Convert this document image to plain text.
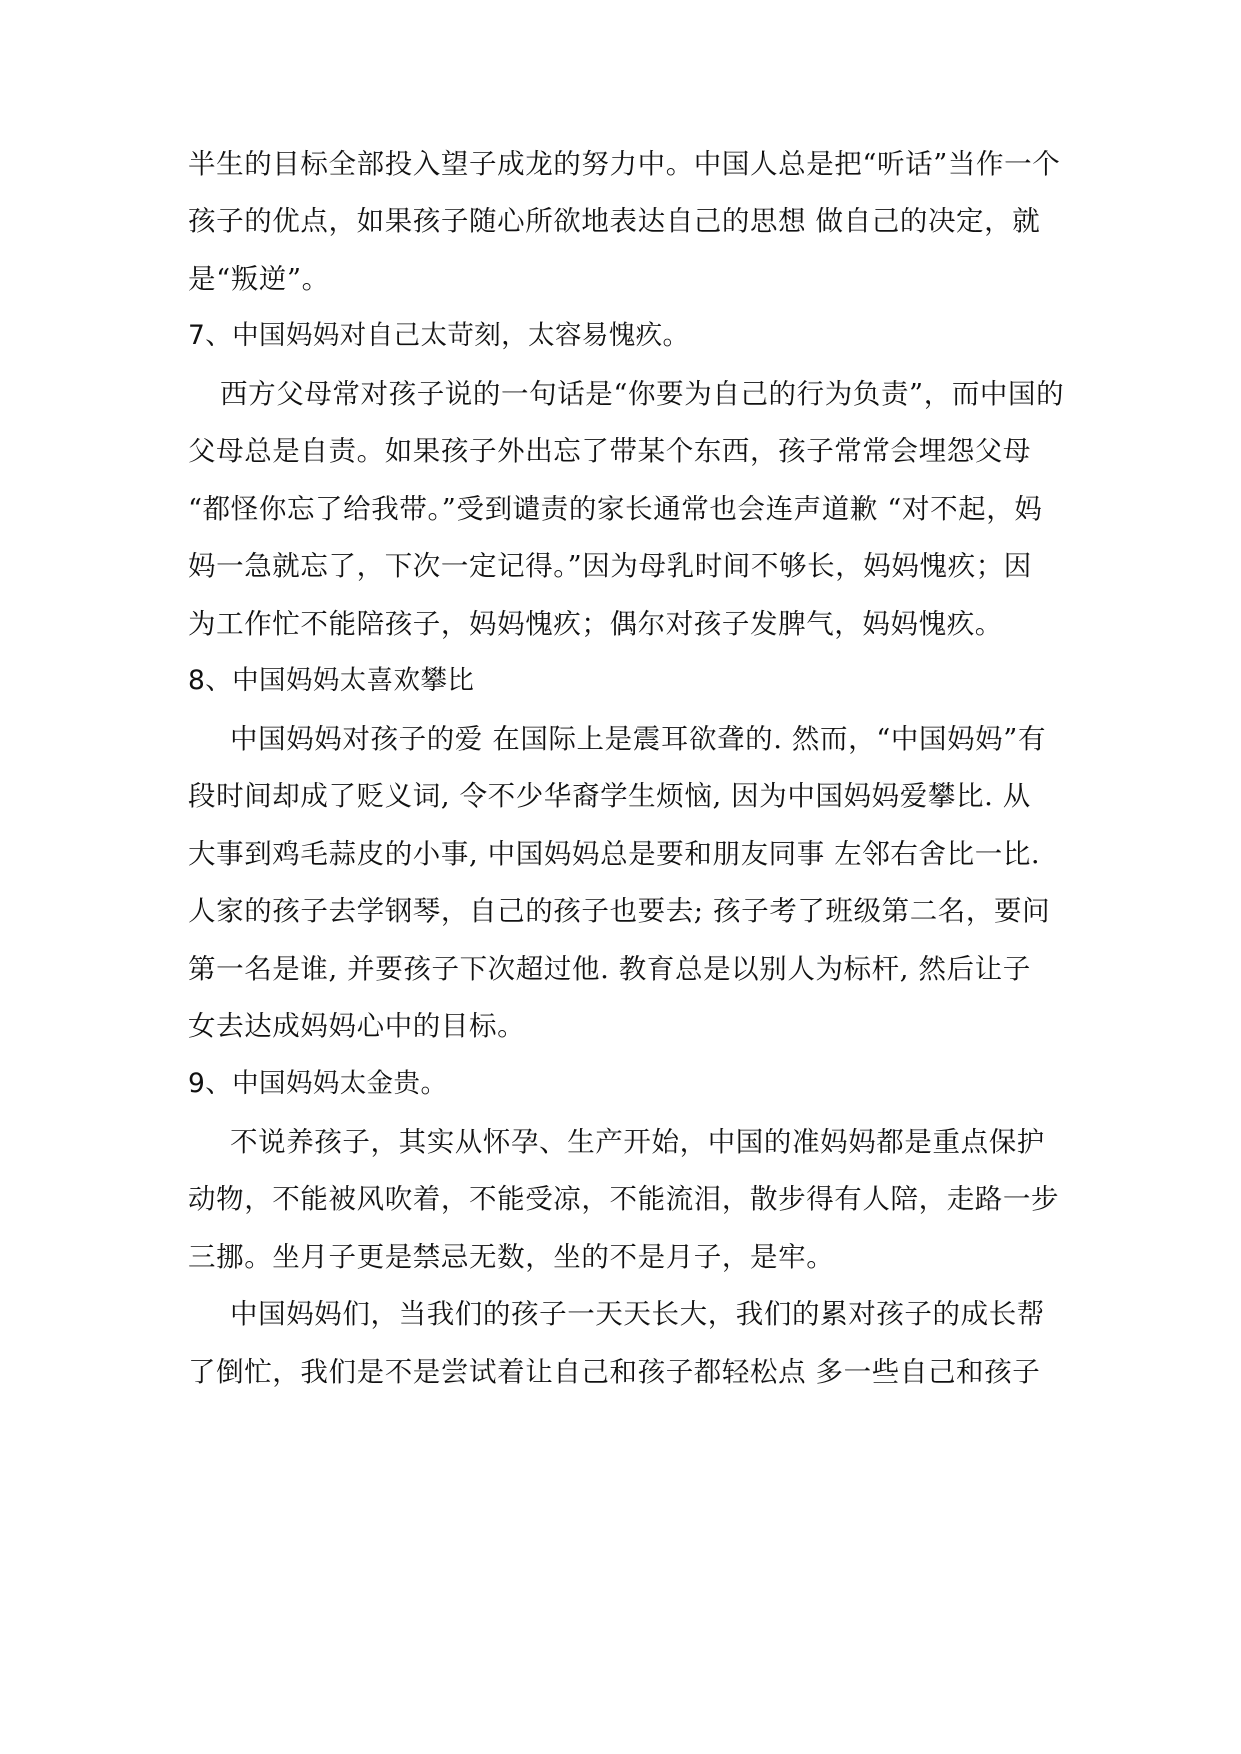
半生的目标全部投入望子成龙的努力中。中国人总是把“听话”当作一个
孩子的优点，如果孩子随心所欲地表达自己的思想 做自己的决定，就
是“叛逆”。
7、中国妈妈对自己太苛刻，太容易愧疚。
西方父母常对孩子说的一句话是“你要为自己的行为负责”，而中国的
父母总是自责。如果孩子外出忘了带某个东西，孩子常常会埋怨父母
“都怪你忘了给我带。”受到谴责的家长通常也会连声道歉 “对不起，妈
妈一急就忘了，下次一定记得。”因为母乳时间不够长，妈妈愧疚；因
为工作忙不能陪孩子，妈妈愧疚；偶尔对孩子发脾气，妈妈愧疚。
8、中国妈妈太喜欢攀比
中国妈妈对孩子的爱 在国际上是震耳欲聋的. 然而，“中国妈妈”有
段时间却成了贬义词, 令不少华裔学生烦恼, 因为中国妈妈爱攀比. 从
大事到鸡毛蒜皮的小事, 中国妈妈总是要和朋友同事 左邻右舍比一比.
人家的孩子去学钢琴，自己的孩子也要去; 孩子考了班级第二名，要问
第一名是谁, 并要孩子下次超过他. 教育总是以别人为标杆, 然后让子
女去达成妈妈心中的目标。
9、中国妈妈太金贵。
不说养孩子，其实从怀孕、生产开始，中国的准妈妈都是重点保护
动物，不能被风吹着，不能受凉，不能流泪，散步得有人陪，走路一步
三挪。坐月子更是禁忌无数，坐的不是月子，是牢。
中国妈妈们，当我们的孩子一天天长大，我们的累对孩子的成长帮
了倒忙，我们是不是尝试着让自己和孩子都轻松点 多一些自己和孩子
